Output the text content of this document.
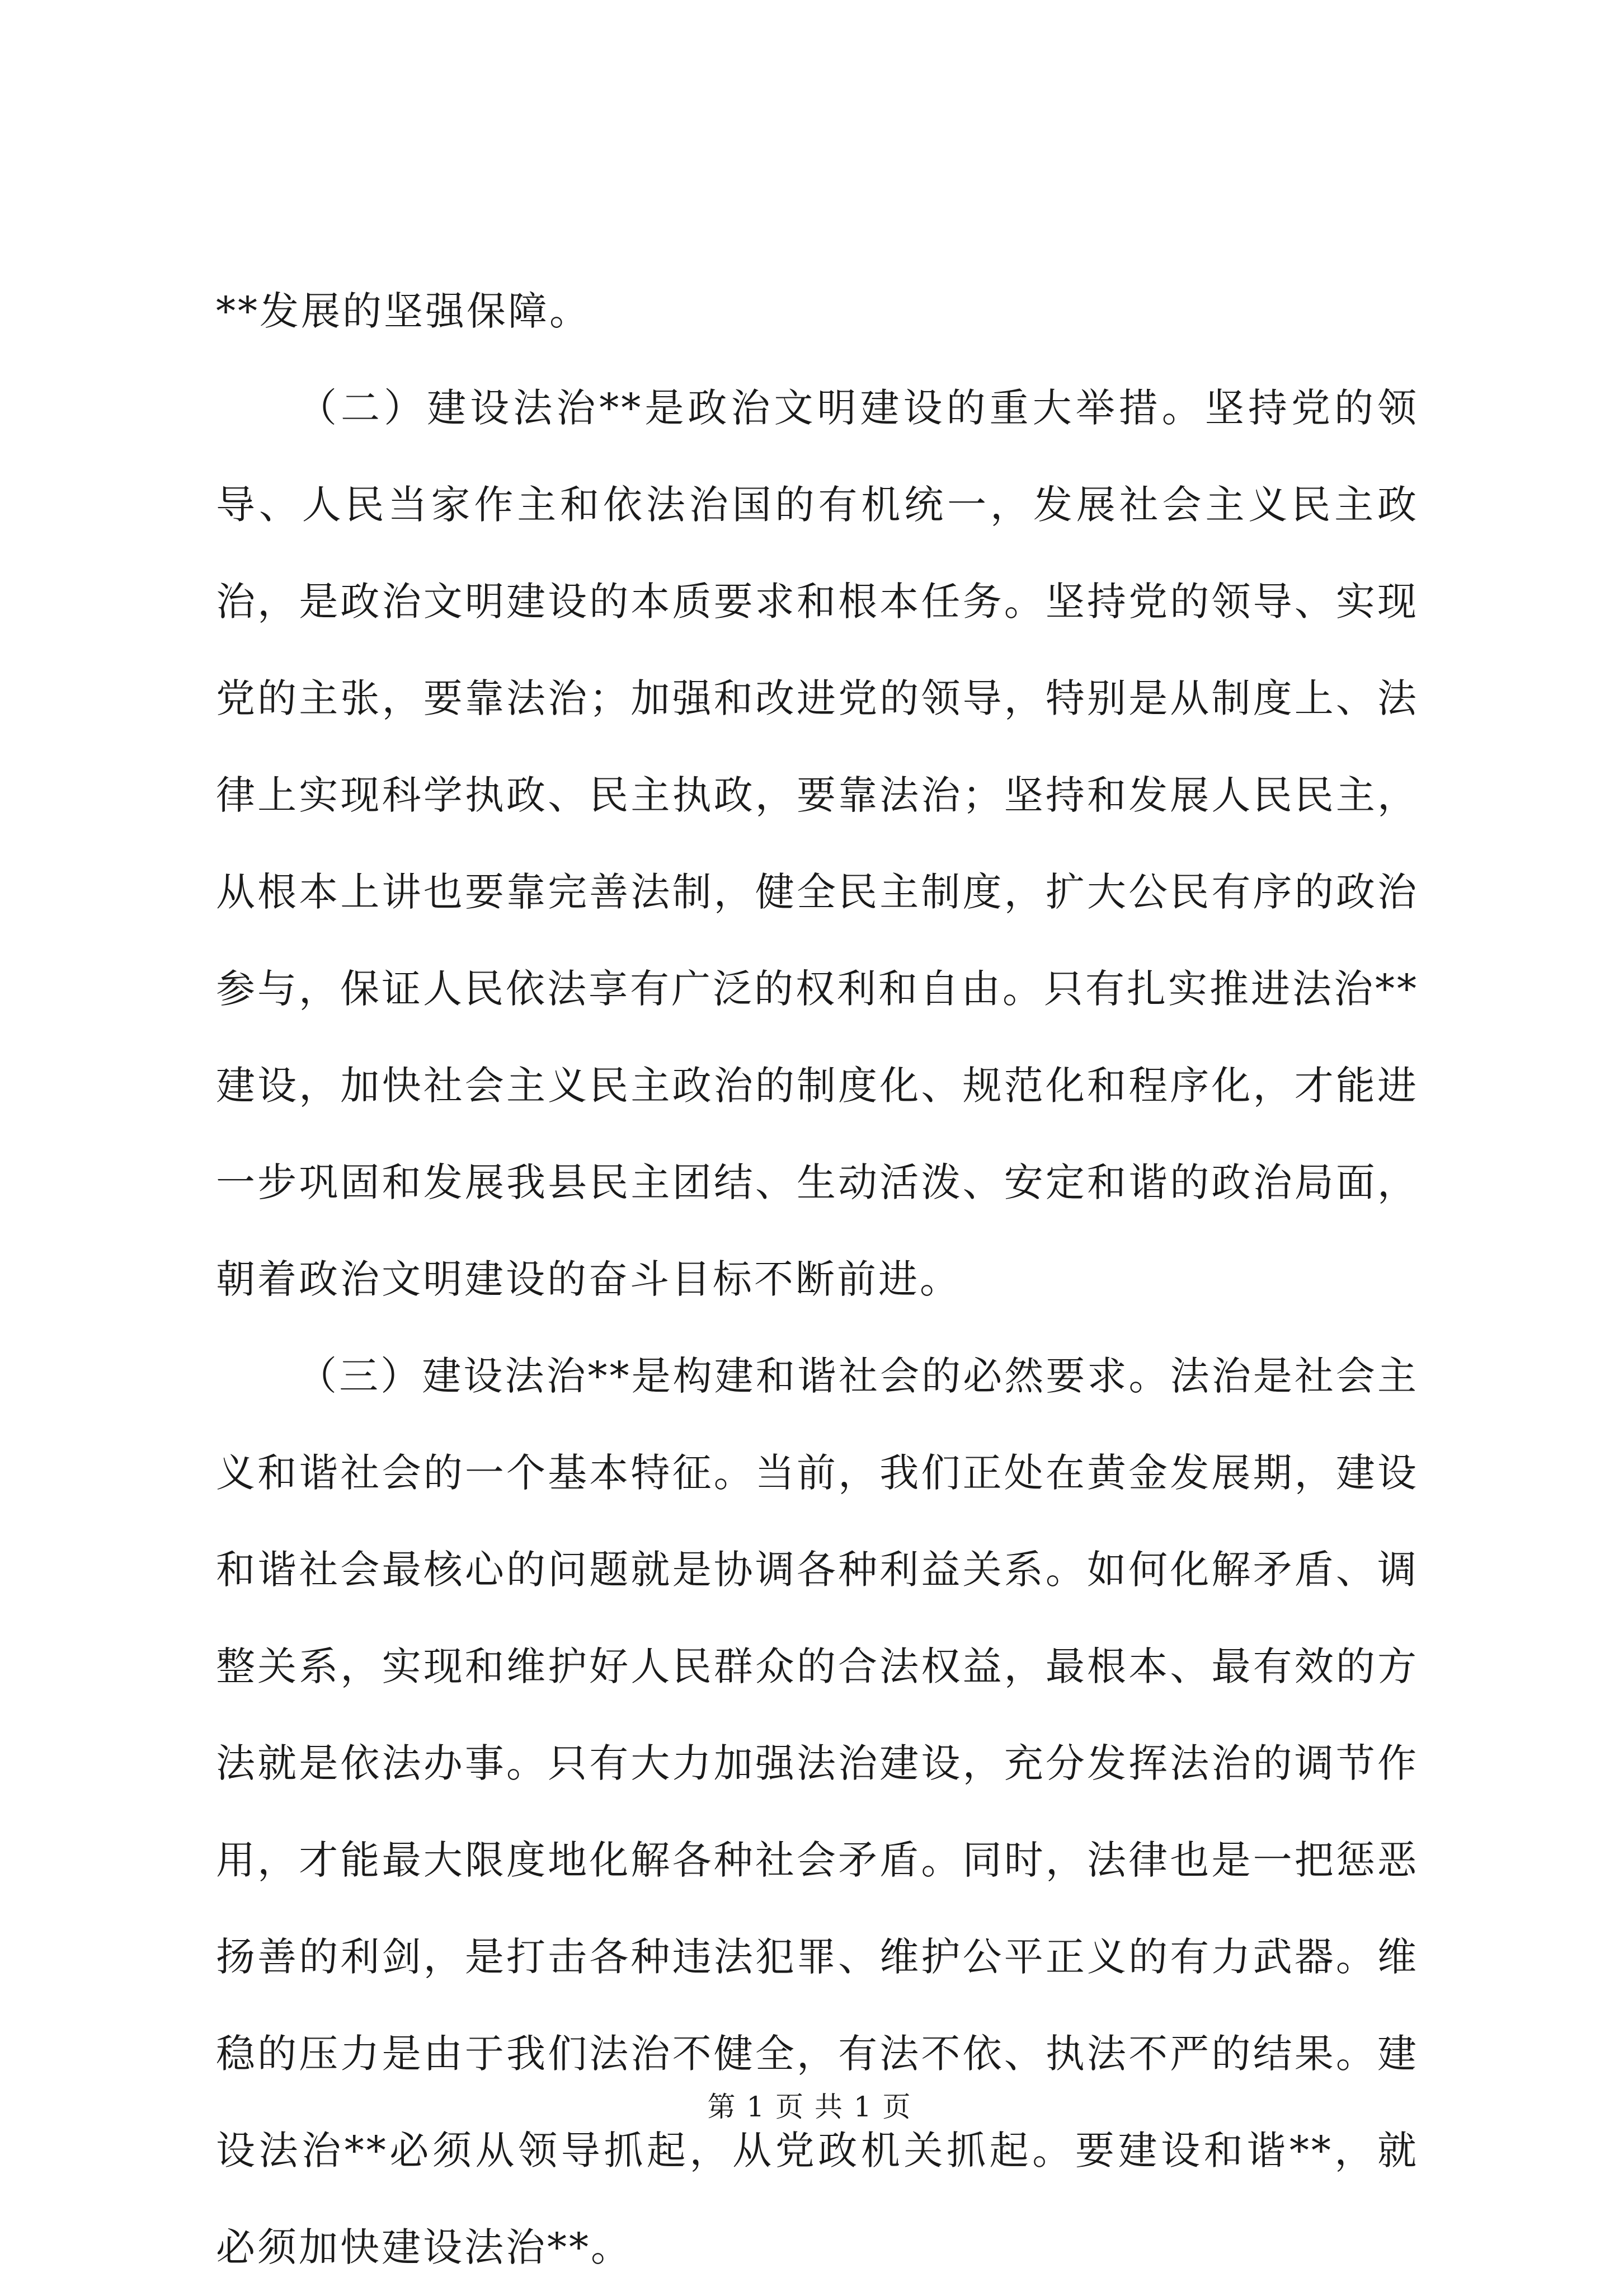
**发展的坚强保障。

（二）建设法治**是政治文明建设的重大举措。坚持党的领导、人民当家作主和依法治国的有机统一，发展社会主义民主政治，是政治文明建设的本质要求和根本任务。坚持党的领导、实现党的主张，要靠法治；加强和改进党的领导，特别是从制度上、法律上实现科学执政、民主执政，要靠法治；坚持和发展人民民主，从根本上讲也要靠完善法制，健全民主制度，扩大公民有序的政治参与，保证人民依法享有广泛的权利和自由。只有扎实推进法治**建设，加快社会主义民主政治的制度化、规范化和程序化，才能进一步巩固和发展我县民主团结、生动活泼、安定和谐的政治局面，朝着政治文明建设的奋斗目标不断前进。

（三）建设法治**是构建和谐社会的必然要求。法治是社会主义和谐社会的一个基本特征。当前，我们正处在黄金发展期，建设和谐社会最核心的问题就是协调各种利益关系。如何化解矛盾、调整关系，实现和维护好人民群众的合法权益，最根本、最有效的方法就是依法办事。只有大力加强法治建设，充分发挥法治的调节作用，才能最大限度地化解各种社会矛盾。同时，法律也是一把惩恶扬善的利剑，是打击各种违法犯罪、维护公平正义的有力武器。维稳的压力是由于我们法治不健全，有法不依、执法不严的结果。建设法治**必须从领导抓起，从党政机关抓起。要建设和谐**，就必须加快建设法治**。

第 1 页 共 1 页
